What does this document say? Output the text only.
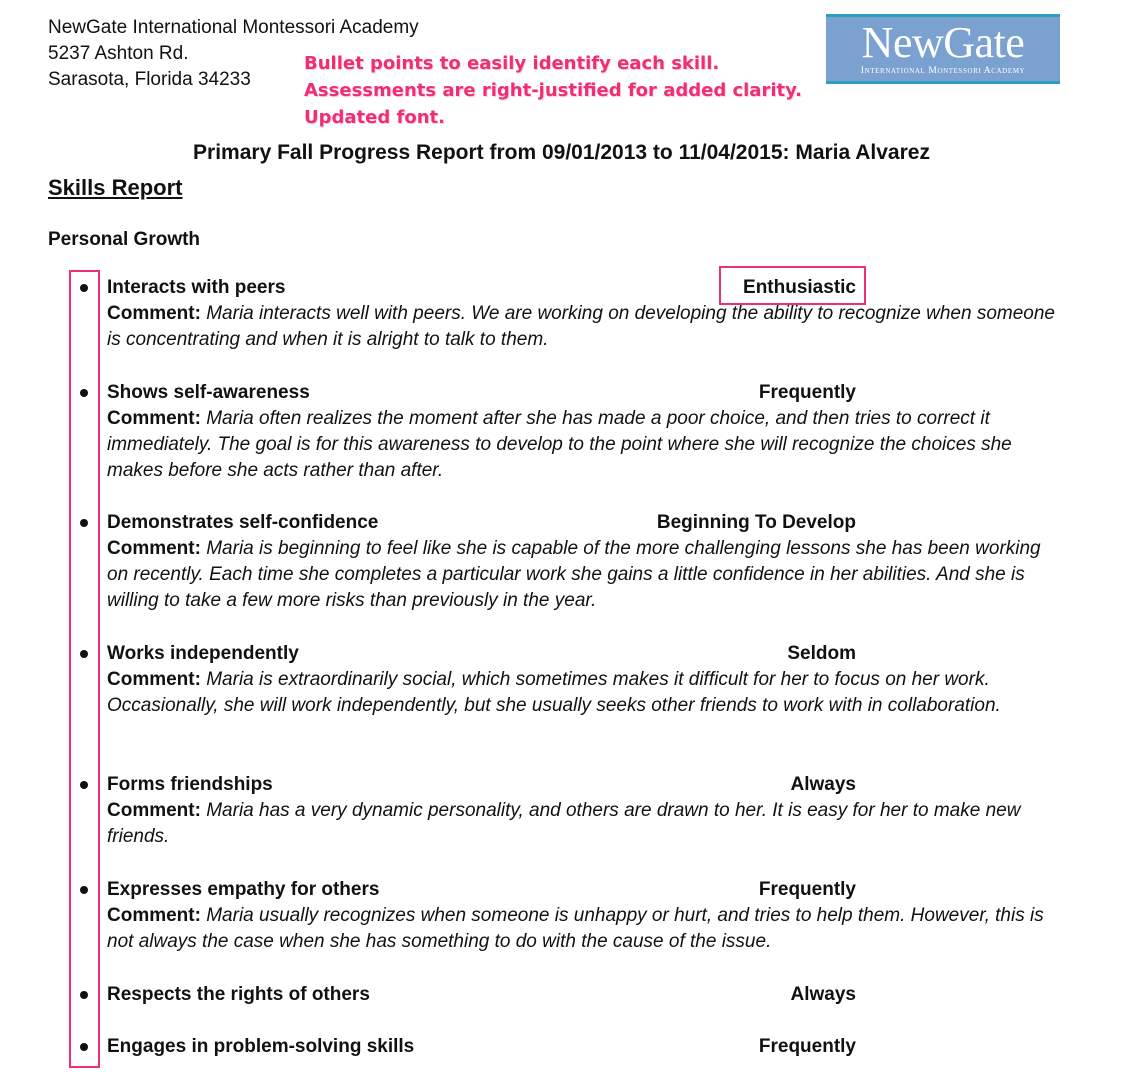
NewGate International Montessori Academy
5237 Ashton Rd.
Sarasota, Florida 34233
Bullet points to easily identify each skill.
Assessments are right-justified for added clarity.
Updated font.
NewGate
International Montessori Academy
Primary Fall Progress Report from 09/01/2013 to 11/04/2015: Maria Alvarez
Skills Report
Personal Growth
Interacts with peers	Enthusiastic
Comment: Maria interacts well with peers. We are working on developing the ability to recognize when someone is concentrating and when it is alright to talk to them.
Shows self-awareness	Frequently
Comment: Maria often realizes the moment after she has made a poor choice, and then tries to correct it immediately. The goal is for this awareness to develop to the point where she will recognize the choices she makes before she acts rather than after.
Demonstrates self-confidence	Beginning To Develop
Comment: Maria is beginning to feel like she is capable of the more challenging lessons she has been working on recently. Each time she completes a particular work she gains a little confidence in her abilities. And she is willing to take a few more risks than previously in the year.
Works independently	Seldom
Comment: Maria is extraordinarily social, which sometimes makes it difficult for her to focus on her work. Occasionally, she will work independently, but she usually seeks other friends to work with in collaboration.
Forms friendships	Always
Comment: Maria has a very dynamic personality, and others are drawn to her. It is easy for her to make new friends.
Expresses empathy for others	Frequently
Comment: Maria usually recognizes when someone is unhappy or hurt, and tries to help them. However, this is not always the case when she has something to do with the cause of the issue.
Respects the rights of others	Always
Engages in problem-solving skills	Frequently
